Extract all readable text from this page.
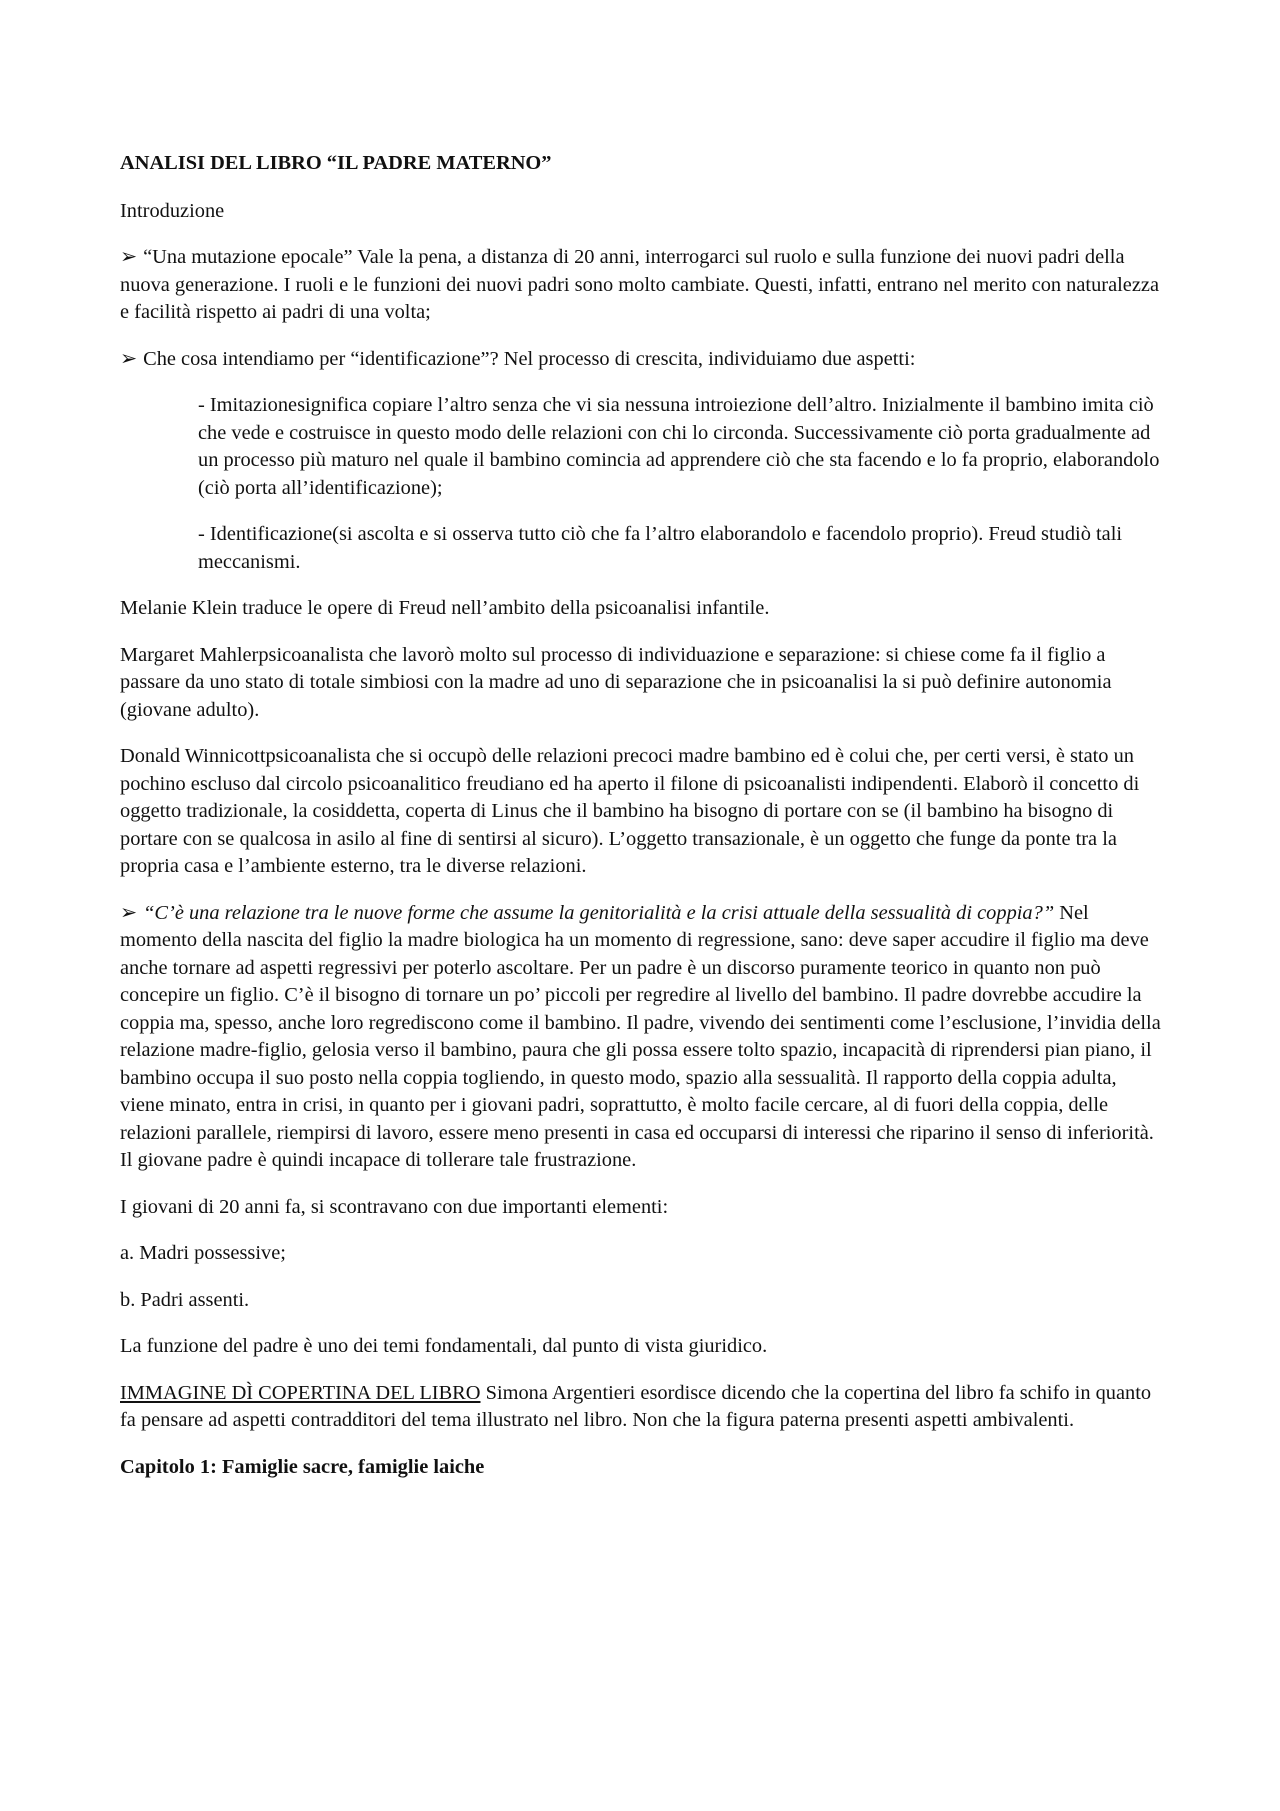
ANALISI DEL LIBRO “IL PADRE MATERNO”
Introduzione
➢ “Una mutazione epocale” Vale la pena, a distanza di 20 anni, interrogarci sul ruolo e sulla funzione dei nuovi padri della nuova generazione. I ruoli e le funzioni dei nuovi padri sono molto cambiate. Questi, infatti, entrano nel merito con naturalezza e facilità rispetto ai padri di una volta;
➢ Che cosa intendiamo per “identificazione”? Nel processo di crescita, individuiamo due aspetti:
- Imitazionesignifica copiare l’altro senza che vi sia nessuna introiezione dell’altro. Inizialmente il bambino imita ciò che vede e costruisce in questo modo delle relazioni con chi lo circonda. Successivamente ciò porta gradualmente ad un processo più maturo nel quale il bambino comincia ad apprendere ciò che sta facendo e lo fa proprio, elaborandolo (ciò porta all’identificazione);
- Identificazione(si ascolta e si osserva tutto ciò che fa l’altro elaborandolo e facendolo proprio). Freud studiò tali meccanismi.
Melanie Klein traduce le opere di Freud nell’ambito della psicoanalisi infantile.
Margaret Mahlerpsicoanalista che lavorò molto sul processo di individuazione e separazione: si chiese come fa il figlio a passare da uno stato di totale simbiosi con la madre ad uno di separazione che in psicoanalisi la si può definire autonomia (giovane adulto).
Donald Winnicottpsicoanalista che si occupò delle relazioni precoci madre bambino ed è colui che, per certi versi, è stato un pochino escluso dal circolo psicoanalitico freudiano ed ha aperto il filone di psicoanalisti indipendenti. Elaborò il concetto di oggetto tradizionale, la cosiddetta, coperta di Linus che il bambino ha bisogno di portare con se (il bambino ha bisogno di portare con se qualcosa in asilo al fine di sentirsi al sicuro). L’oggetto transazionale, è un oggetto che funge da ponte tra la propria casa e l’ambiente esterno, tra le diverse relazioni.
➢ “C’è una relazione tra le nuove forme che assume la genitorialità e la crisi attuale della sessualità di coppia?” Nel momento della nascita del figlio la madre biologica ha un momento di regressione, sano: deve saper accudire il figlio ma deve anche tornare ad aspetti regressivi per poterlo ascoltare. Per un padre è un discorso puramente teorico in quanto non può concepire un figlio. C’è il bisogno di tornare un po’ piccoli per regredire al livello del bambino. Il padre dovrebbe accudire la coppia ma, spesso, anche loro regrediscono come il bambino. Il padre, vivendo dei sentimenti come l’esclusione, l’invidia della relazione madre-figlio, gelosia verso il bambino, paura che gli possa essere tolto spazio, incapacità di riprendersi pian piano, il bambino occupa il suo posto nella coppia togliendo, in questo modo, spazio alla sessualità. Il rapporto della coppia adulta, viene minato, entra in crisi, in quanto per i giovani padri, soprattutto, è molto facile cercare, al di fuori della coppia, delle relazioni parallele, riempirsi di lavoro, essere meno presenti in casa ed occuparsi di interessi che riparino il senso di inferiorità. Il giovane padre è quindi incapace di tollerare tale frustrazione.
I giovani di 20 anni fa, si scontravano con due importanti elementi:
a. Madri possessive;
b. Padri assenti.
La funzione del padre è uno dei temi fondamentali, dal punto di vista giuridico.
IMMAGINE DÌ COPERTINA DEL LIBRO Simona Argentieri esordisce dicendo che la copertina del libro fa schifo in quanto fa pensare ad aspetti contradditori del tema illustrato nel libro. Non che la figura paterna presenti aspetti ambivalenti.
Capitolo 1: Famiglie sacre, famiglie laiche
